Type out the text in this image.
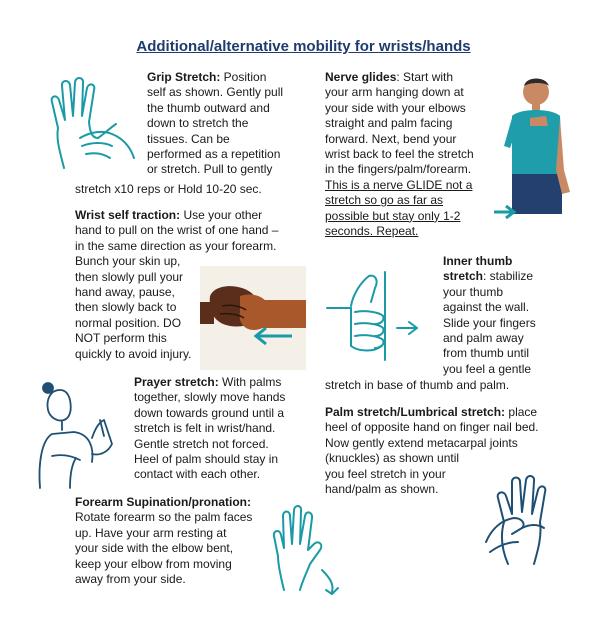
Additional/alternative mobility for wrists/hands
Grip Stretch: Position
self as shown. Gently pull
the thumb outward and
down to stretch the
tissues. Can be
performed as a repetition
or stretch. Pull to gently
stretch x10 reps or Hold 10-20 sec.
Wrist self traction: Use your other
hand to pull on the wrist of one hand –
in the same direction as your forearm.
Bunch your skin up,
then slowly pull your
hand away, pause,
then slowly back to
normal position. DO
NOT perform this
quickly to avoid injury.
Prayer stretch: With palms
together, slowly move hands
down towards ground until a
stretch is felt in wrist/hand.
Gentle stretch not forced.
Heel of palm should stay in
contact with each other.
Forearm Supination/pronation:
Rotate forearm so the palm faces
up. Have your arm resting at
your side with the elbow bent,
keep your elbow from moving
away from your side.
Nerve glides: Start with
your arm hanging down at
your side with your elbows
straight and palm facing
forward. Next, bend your
wrist back to feel the stretch
in the fingers/palm/forearm.
This is a nerve GLIDE not a
stretch so go as far as
possible but stay only 1-2
seconds. Repeat.
Inner thumb
stretch: stabilize
your thumb
against the wall.
Slide your fingers
and palm away
from thumb until
you feel a gentle
stretch in base of thumb and palm.
Palm stretch/Lumbrical stretch: place
heel of opposite hand on finger nail bed.
Now gently extend metacarpal joints
(knuckles) as shown until
you feel stretch in your
hand/palm as shown.
